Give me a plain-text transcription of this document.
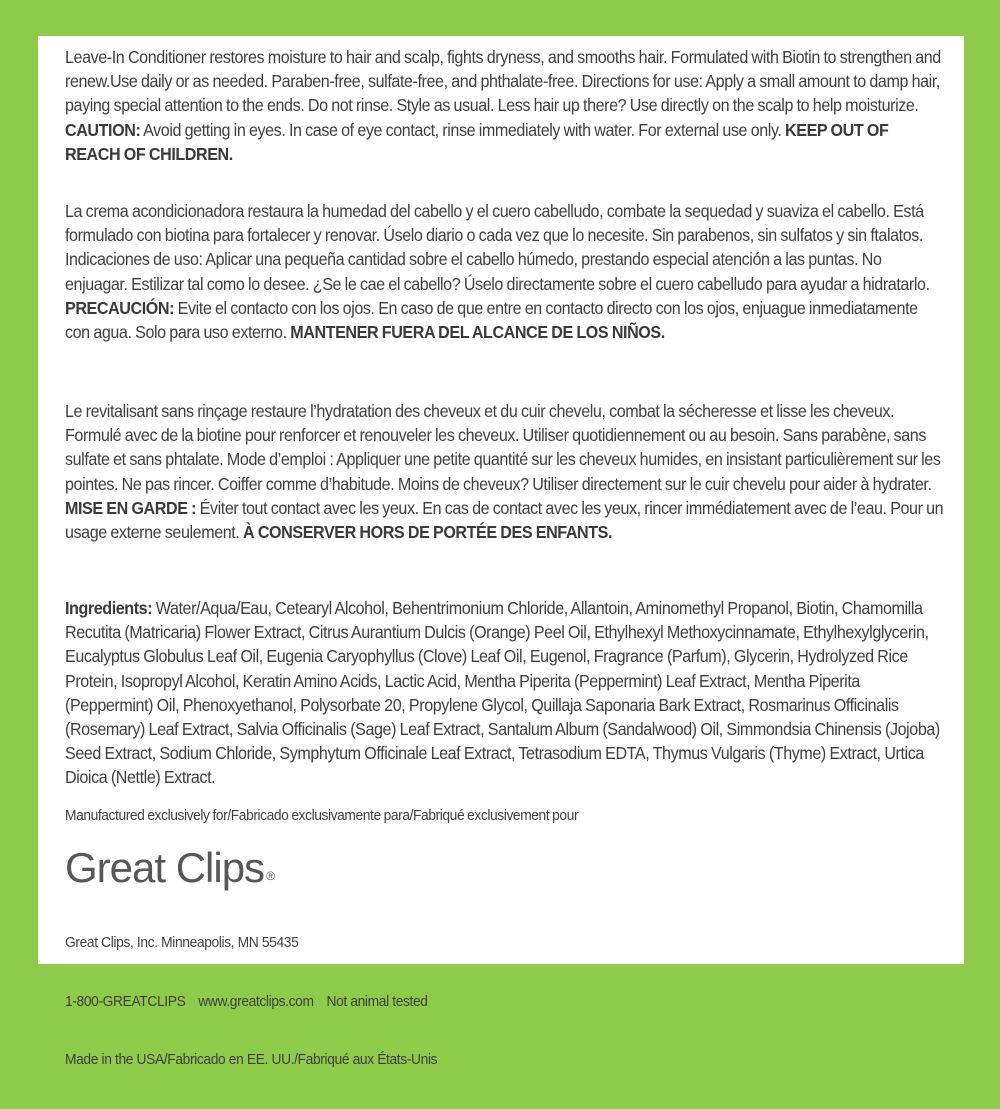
Leave-In Conditioner restores moisture to hair and scalp, fights dryness, and smooths hair. Formulated with Biotin to strengthen and renew.Use daily or as needed. Paraben-free, sulfate-free, and phthalate-free. Directions for use: Apply a small amount to damp hair, paying special attention to the ends. Do not rinse. Style as usual. Less hair up there? Use directly on the scalp to help moisturize. CAUTION: Avoid getting in eyes. In case of eye contact, rinse immediately with water. For external use only. KEEP OUT OF REACH OF CHILDREN.
La crema acondicionadora restaura la humedad del cabello y el cuero cabelludo, combate la sequedad y suaviza el cabello. Está formulado con biotina para fortalecer y renovar. Úselo diario o cada vez que lo necesite. Sin parabenos, sin sulfatos y sin ftalatos. Indicaciones de uso: Aplicar una pequeña cantidad sobre el cabello húmedo, prestando especial atención a las puntas. No enjuagar. Estilizar tal como lo desee. ¿Se le cae el cabello? Úselo directamente sobre el cuero cabelludo para ayudar a hidratarlo. PRECAUCIÓN: Evite el contacto con los ojos. En caso de que entre en contacto directo con los ojos, enjuague inmediatamente con agua. Solo para uso externo. MANTENER FUERA DEL ALCANCE DE LOS NIÑOS.
Le revitalisant sans rinçage restaure l’hydratation des cheveux et du cuir chevelu, combat la sécheresse et lisse les cheveux. Formulé avec de la biotine pour renforcer et renouveler les cheveux. Utiliser quotidiennement ou au besoin. Sans parabène, sans sulfate et sans phtalate. Mode d’emploi : Appliquer une petite quantité sur les cheveux humides, en insistant particulièrement sur les pointes. Ne pas rincer. Coiffer comme d’habitude. Moins de cheveux? Utiliser directement sur le cuir chevelu pour aider à hydrater. MISE EN GARDE : Éviter tout contact avec les yeux. En cas de contact avec les yeux, rincer immédiatement avec de l’eau. Pour un usage externe seulement. À CONSERVER HORS DE PORTÉE DES ENFANTS.
Ingredients: Water/Aqua/Eau, Cetearyl Alcohol, Behentrimonium Chloride, Allantoin, Aminomethyl Propanol, Biotin, Chamomilla Recutita (Matricaria) Flower Extract, Citrus Aurantium Dulcis (Orange) Peel Oil, Ethylhexyl Methoxycinnamate, Ethylhexylglycerin, Eucalyptus Globulus Leaf Oil, Eugenia Caryophyllus (Clove) Leaf Oil, Eugenol, Fragrance (Parfum), Glycerin, Hydrolyzed Rice Protein, Isopropyl Alcohol, Keratin Amino Acids, Lactic Acid, Mentha Piperita (Peppermint) Leaf Extract, Mentha Piperita (Peppermint) Oil, Phenoxyethanol, Polysorbate 20, Propylene Glycol, Quillaja Saponaria Bark Extract, Rosmarinus Officinalis (Rosemary) Leaf Extract, Salvia Officinalis (Sage) Leaf Extract, Santalum Album (Sandalwood) Oil, Simmondsia Chinensis (Jojoba) Seed Extract, Sodium Chloride, Symphytum Officinale Leaf Extract, Tetrasodium EDTA, Thymus Vulgaris (Thyme) Extract, Urtica Dioica (Nettle) Extract.
Manufactured exclusively for/Fabricado exclusivamente para/Fabriqué exclusivement pour
Great Clips ®

Great Clips, Inc. Minneapolis, MN 55435

1-800-GREATCLIPS www.greatclips.com Not animal tested

Made in the USA/Fabricado en EE. UU./Fabriqué aux États-Unis
